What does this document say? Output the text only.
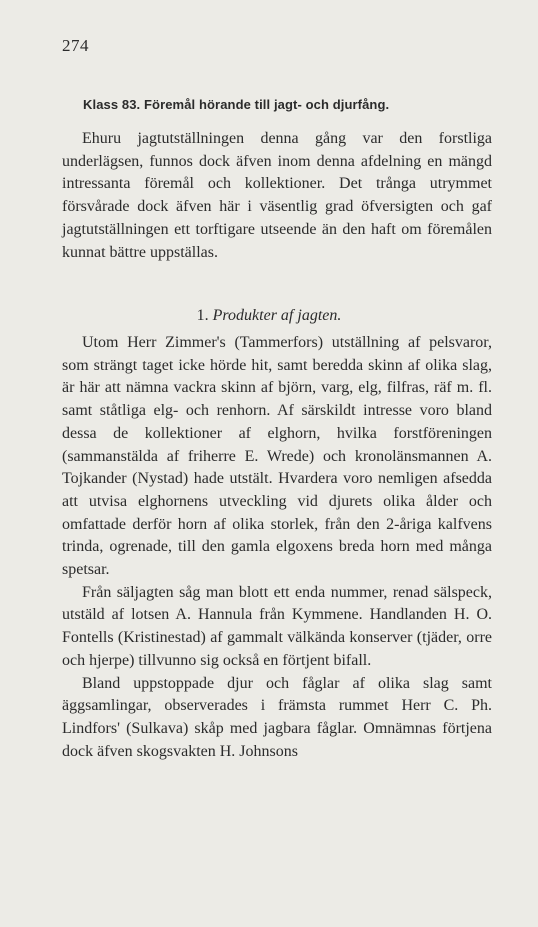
274
Klass 83. Föremål hörande till jagt- och djurfång.

Ehuru jagtutställningen denna gång var den forstliga underlägsen, funnos dock äfven inom denna afdelning en mängd intressanta föremål och kollektioner. Det trånga utrymmet försvårade dock äfven här i väsentlig grad öfversigten och gaf jagtutställningen ett torftigare utseende än den haft om föremålen kunnat bättre uppställas.

1. Produkter af jagten.

Utom Herr Zimmer's (Tammerfors) utställning af pelsvaror, som strängt taget icke hörde hit, samt beredda skinn af olika slag, är här att nämna vackra skinn af björn, varg, elg, filfras, räf m. fl. samt ståtliga elg- och renhorn. Af särskildt intresse voro bland dessa de kollektioner af elghorn, hvilka forstföreningen (sammanstälda af friherre E. Wrede) och kronolänsmannen A. Tojkander (Nystad) hade utstält. Hvardera voro nemligen afsedda att utvisa elghornens utveckling vid djurets olika ålder och omfattade derför horn af olika storlek, från den 2-åriga kalfvens trinda, ogrenade, till den gamla elgoxens breda horn med många spetsar.

Från säljagten såg man blott ett enda nummer, renad sälspeck, utstäld af lotsen A. Hannula från Kymmene. Handlanden H. O. Fontells (Kristinestad) af gammalt välkända konserver (tjäder, orre och hjerpe) tillvunno sig också en förtjent bifall.

Bland uppstoppade djur och fåglar af olika slag samt äggsamlingar, observerades i främsta rummet Herr C. Ph. Lindfors' (Sulkava) skåp med jagbara fåglar. Omnämnas förtjena dock äfven skogsvakten H. Johnsons
